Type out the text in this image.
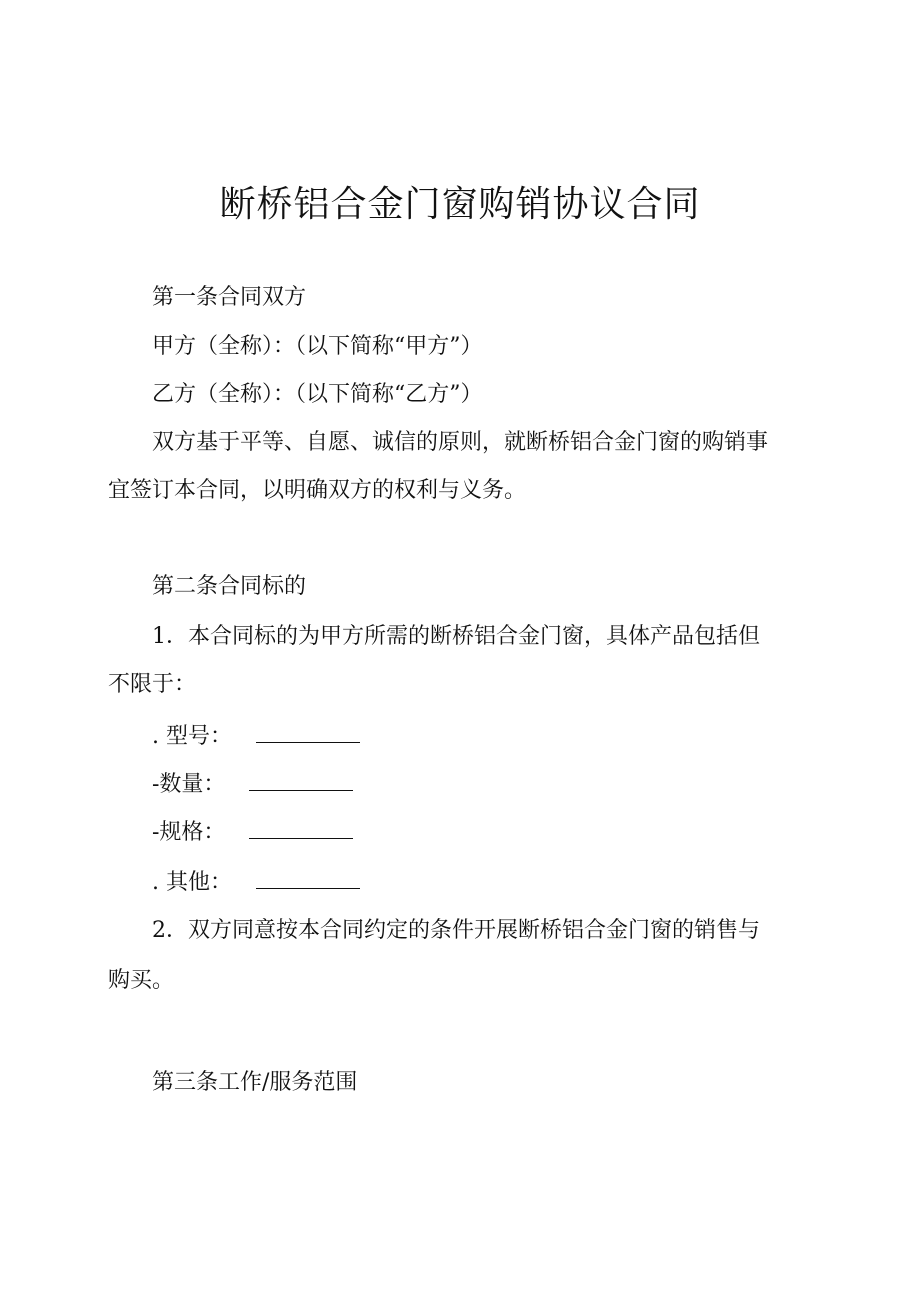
断桥铝合金门窗购销协议合同
第一条合同双方
甲方（全称）：（以下简称“甲方”）
乙方（全称）：（以下简称“乙方”）
双方基于平等、自愿、诚信的原则，就断桥铝合金门窗的购销事
宜签订本合同，以明确双方的权利与义务。
第二条合同标的
1．本合同标的为甲方所需的断桥铝合金门窗，具体产品包括但
不限于：
. 型号：
-数量：
-规格：
. 其他：
2．双方同意按本合同约定的条件开展断桥铝合金门窗的销售与
购买。
第三条工作/服务范围
